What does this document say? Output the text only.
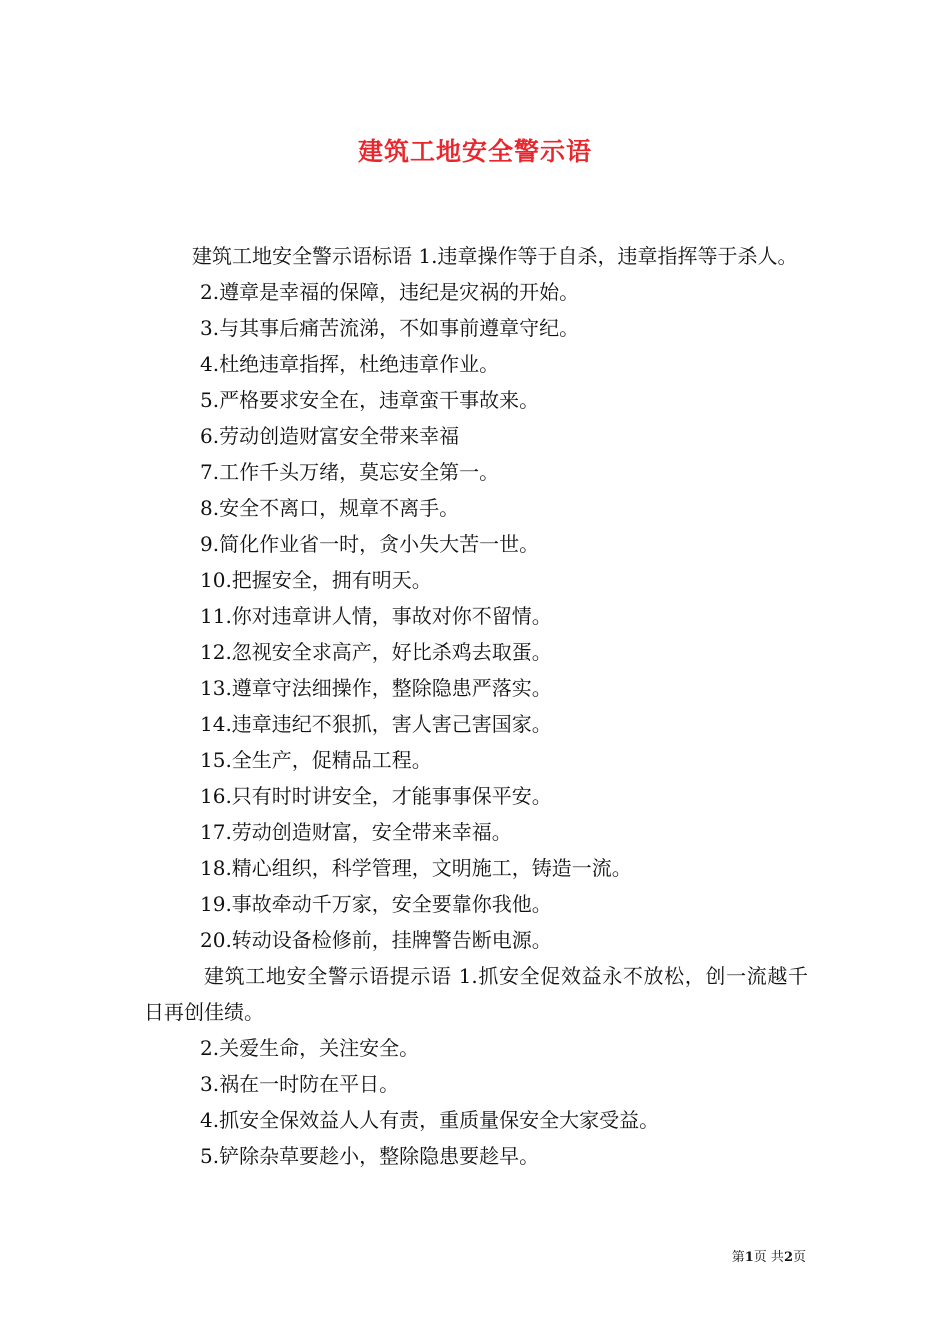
建筑工地安全警示语

建筑工地安全警示语标语 1.违章操作等于自杀，违章指挥等于杀人。

2.遵章是幸福的保障，违纪是灾祸的开始。

3.与其事后痛苦流涕，不如事前遵章守纪。

4.杜绝违章指挥，杜绝违章作业。

5.严格要求安全在，违章蛮干事故来。

6.劳动创造财富安全带来幸福

7.工作千头万绪，莫忘安全第一。

8.安全不离口，规章不离手。

9.简化作业省一时，贪小失大苦一世。

10.把握安全，拥有明天。

11.你对违章讲人情，事故对你不留情。

12.忽视安全求高产，好比杀鸡去取蛋。

13.遵章守法细操作，整除隐患严落实。

14.违章违纪不狠抓，害人害己害国家。

15.全生产，促精品工程。

16.只有时时讲安全，才能事事保平安。

17.劳动创造财富，安全带来幸福。

18.精心组织，科学管理，文明施工，铸造一流。

19.事故牵动千万家，安全要靠你我他。

20.转动设备检修前，挂牌警告断电源。

建筑工地安全警示语提示语 1.抓安全促效益永不放松，创一流越千日再创佳绩。

2.关爱生命，关注安全。

3.祸在一时防在平日。

4.抓安全保效益人人有责，重质量保安全大家受益。

5.铲除杂草要趁小，整除隐患要趁早。

第1页 共2页
